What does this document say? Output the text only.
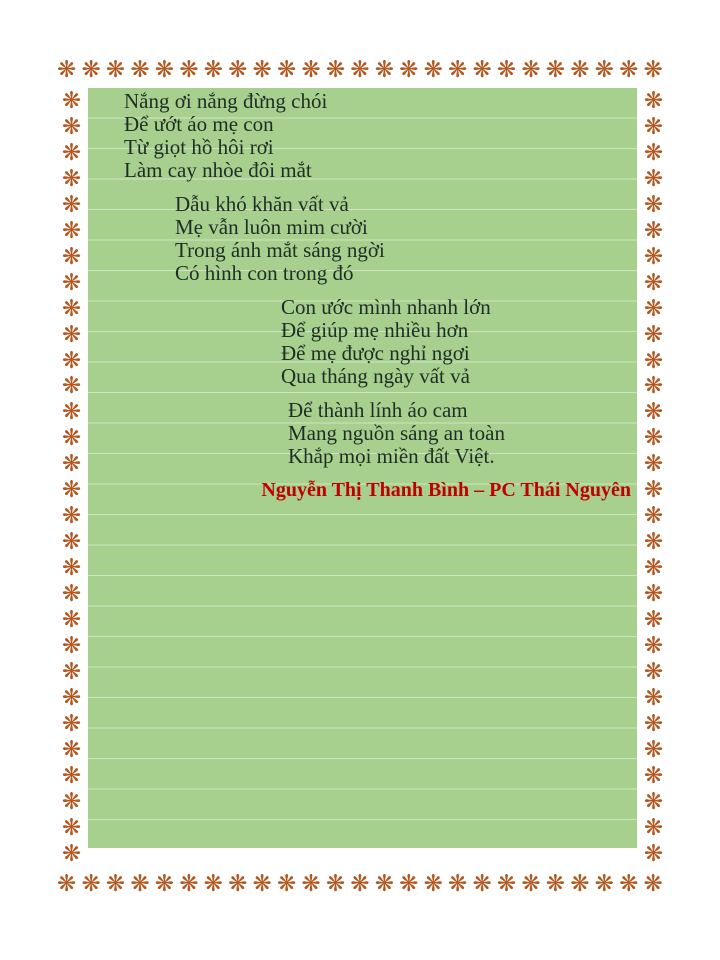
❋ ❋ ❋ ❋ ❋ ❋ ❋ ❋ ❋ ❋ ❋ ❋ ❋ ❋ ❋ ❋ ❋ ❋ ❋ ❋ ❋ ❋ ❋ ❋ ❋
❋ ❋ ❋ ❋ ❋ ❋ ❋ ❋ ❋ ❋ ❋ ❋ ❋ ❋ ❋ ❋ ❋ ❋ ❋ ❋ ❋ ❋ ❋ ❋ ❋
❋
❋
❋
❋
❋
❋
❋
❋
❋
❋
❋
❋
❋
❋
❋
❋
❋
❋
❋
❋
❋
❋
❋
❋
❋
❋
❋
❋
❋
❋
❋
❋
❋
❋
❋
❋
❋
❋
❋
❋
❋
❋
❋
❋
❋
❋
❋
❋
❋
❋
❋
❋
❋
❋
❋
❋
❋
❋
❋
❋
Nắng ơi nắng đừng chói
Để ướt áo mẹ con
Từ giọt hồ hôi rơi
Làm cay nhòe đôi mắt
Dẫu khó khăn vất vả
Mẹ vẫn luôn mim cười
Trong ánh mắt sáng ngời
Có hình con trong đó
Con ước mình nhanh lớn
Để giúp mẹ nhiều hơn
Để mẹ được nghỉ ngơi
Qua tháng ngày vất vả
Để thành lính áo cam
Mang nguồn sáng an toàn
Khắp mọi miền đất Việt.
Nguyễn Thị Thanh Bình – PC Thái Nguyên
